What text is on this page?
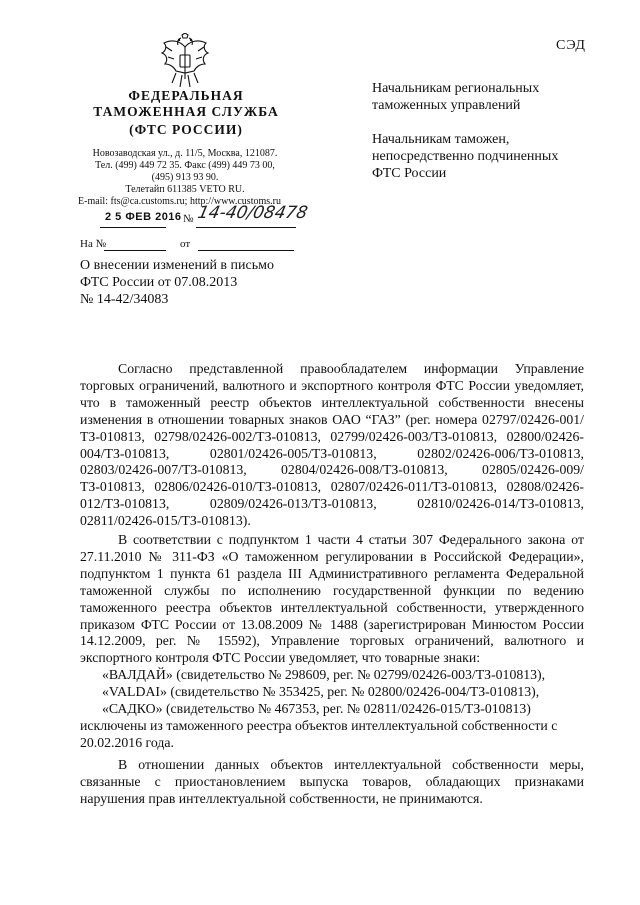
СЭД
ФЕДЕРАЛЬНАЯ
ТАМОЖЕННАЯ СЛУЖБА
(ФТС РОССИИ)
Новозаводская ул., д. 11/5, Москва, 121087.
Тел. (499) 449 72 35. Факс (499) 449 73 00,
(495) 913 93 90.
Телетайп 611385 VETO RU.
E-mail: fts@ca.customs.ru; http://www.customs.ru
2 5 ФЕВ 2016 № 14-40/08478
На №	от
О внесении изменений в письмо
ФТС России от 07.08.2013
№ 14-42/34083
Начальникам региональных
таможенных управлений
Начальникам таможен,
непосредственно подчиненных
ФТС России
Согласно представленной правообладателем информации Управление торговых ограничений, валютного и экспортного контроля ФТС России уведомляет, что в таможенный реестр объектов интеллектуальной собственности внесены изменения в отношении товарных знаков ОАО “ГАЗ” (рег. номера 02797/02426-001/ТЗ-010813, 02798/02426-002/ТЗ-010813, 02799/02426-003/ТЗ-010813, 02800/02426-004/ТЗ-010813, 02801/02426-005/ТЗ-010813, 02802/02426-006/ТЗ-010813, 02803/02426-007/ТЗ-010813, 02804/02426-008/ТЗ-010813, 02805/02426-009/ТЗ-010813, 02806/02426-010/ТЗ-010813, 02807/02426-011/ТЗ-010813, 02808/02426-012/ТЗ-010813, 02809/02426-013/ТЗ-010813, 02810/02426-014/ТЗ-010813, 02811/02426-015/ТЗ-010813).
В соответствии с подпунктом 1 части 4 статьи 307 Федерального закона от 27.11.2010 № 311-ФЗ «О таможенном регулировании в Российской Федерации», подпунктом 1 пункта 61 раздела III Административного регламента Федеральной таможенной службы по исполнению государственной функции по ведению таможенного реестра объектов интеллектуальной собственности, утвержденного приказом ФТС России от 13.08.2009 № 1488 (зарегистрирован Минюстом России 14.12.2009, рег. № 15592), Управление торговых ограничений, валютного и экспортного контроля ФТС России уведомляет, что товарные знаки:
«ВАЛДАЙ» (свидетельство № 298609, рег. № 02799/02426-003/ТЗ-010813),
«VALDAI» (свидетельство № 353425, рег. № 02800/02426-004/ТЗ-010813),
«САДКО» (свидетельство № 467353, рег. № 02811/02426-015/ТЗ-010813)
исключены из таможенного реестра объектов интеллектуальной собственности с 20.02.2016 года.
В отношении данных объектов интеллектуальной собственности меры, связанные с приостановлением выпуска товаров, обладающих признаками нарушения прав интеллектуальной собственности, не принимаются.
